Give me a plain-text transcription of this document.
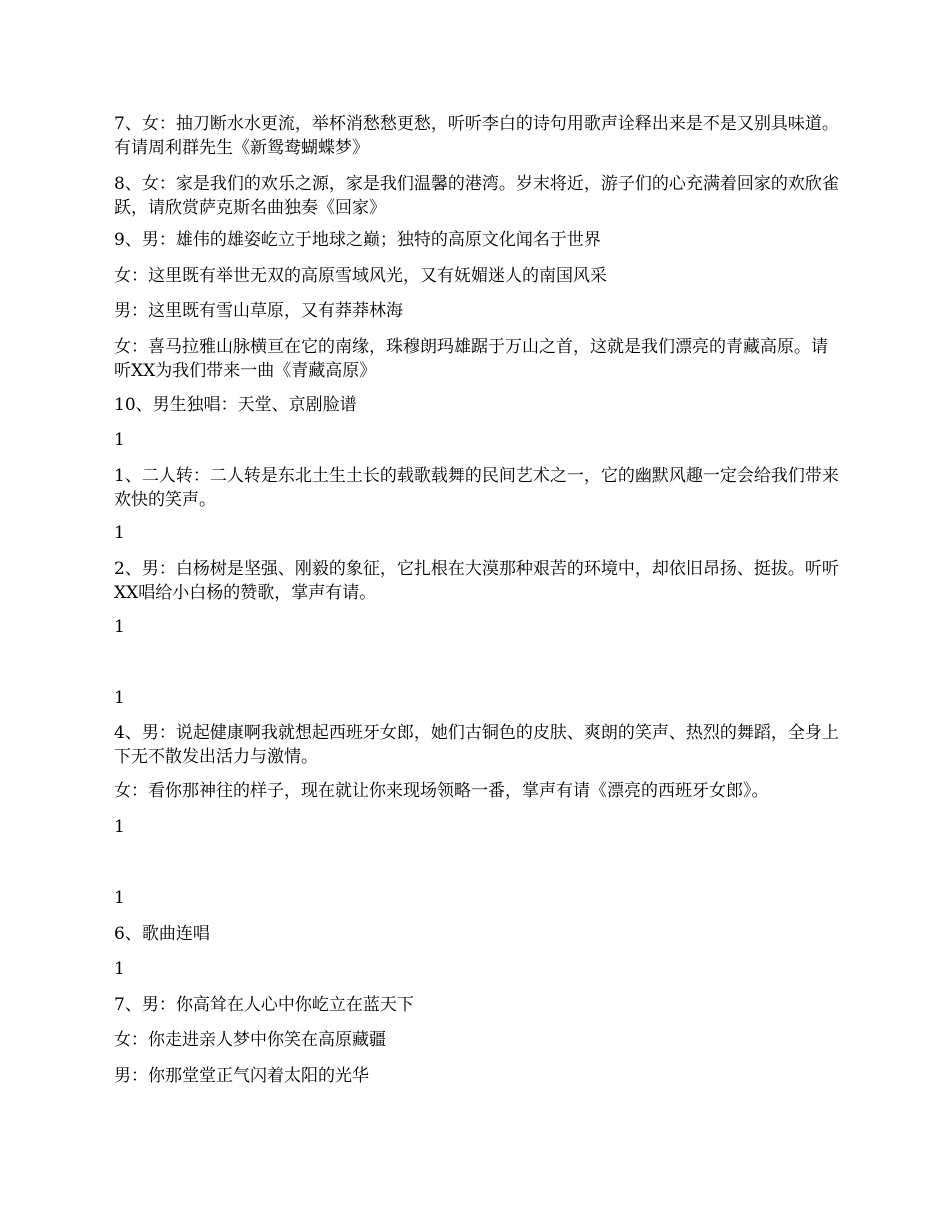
7、女：抽刀断水水更流，举杯消愁愁更愁，听听李白的诗句用歌声诠释出来是不是又别具味道。有请周利群先生《新鸳鸯蝴蝶梦》

8、女：家是我们的欢乐之源，家是我们温馨的港湾。岁末将近，游子们的心充满着回家的欢欣雀跃，请欣赏萨克斯名曲独奏《回家》

9、男：雄伟的雄姿屹立于地球之巅；独特的高原文化闻名于世界

女：这里既有举世无双的高原雪域风光，又有妩媚迷人的南国风采

男：这里既有雪山草原，又有莽莽林海

女：喜马拉雅山脉横亘在它的南缘，珠穆朗玛雄踞于万山之首，这就是我们漂亮的青藏高原。请听XX为我们带来一曲《青藏高原》

10、男生独唱：天堂、京剧脸谱

1

1、二人转：二人转是东北土生土长的载歌载舞的民间艺术之一，它的幽默风趣一定会给我们带来欢快的笑声。

1

2、男：白杨树是坚强、刚毅的象征，它扎根在大漠那种艰苦的环境中，却依旧昂扬、挺拔。听听XX唱给小白杨的赞歌，掌声有请。

1

1

4、男：说起健康啊我就想起西班牙女郎，她们古铜色的皮肤、爽朗的笑声、热烈的舞蹈，全身上下无不散发出活力与激情。

女：看你那神往的样子，现在就让你来现场领略一番，掌声有请《漂亮的西班牙女郎》。

1

1

6、歌曲连唱

1

7、男：你高耸在人心中你屹立在蓝天下

女：你走进亲人梦中你笑在高原藏疆

男：你那堂堂正气闪着太阳的光华
